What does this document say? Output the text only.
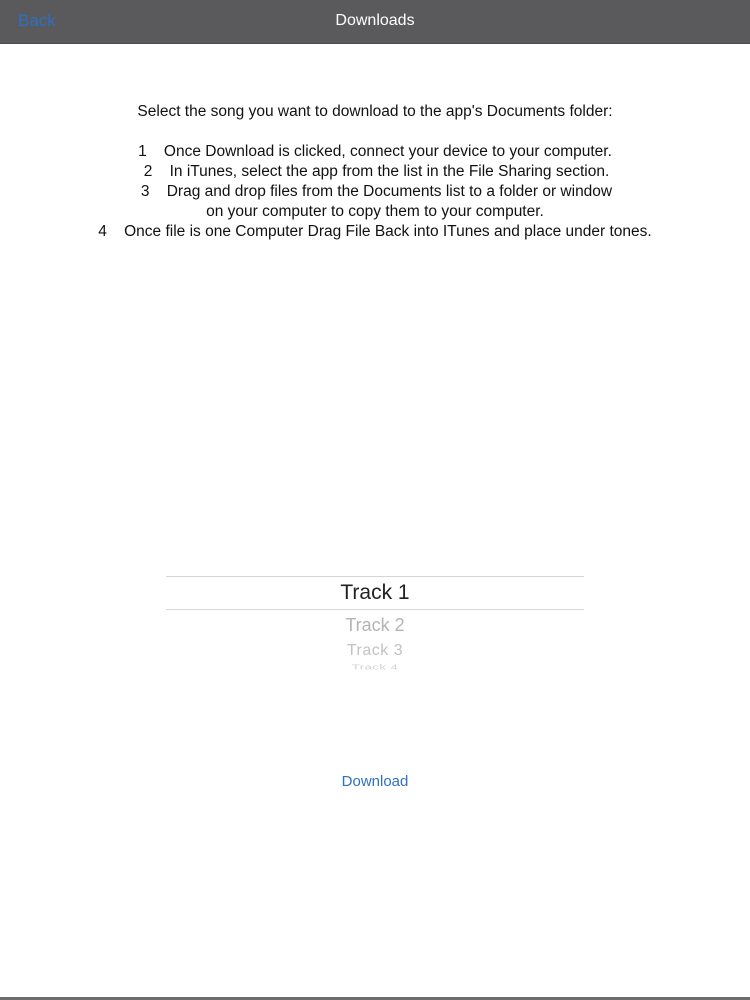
Back	Downloads
Select the song you want to download to the app's Documents folder:
1    Once Download is clicked, connect your device to your computer.
2    In iTunes, select the app from the list in the File Sharing section.
3    Drag and drop files from the Documents list to a folder or window
on your computer to copy them to your computer.
4    Once file is one Computer Drag File Back into ITunes and place under tones.
Track 1
Track 2
Track 3
Track 4
Download
